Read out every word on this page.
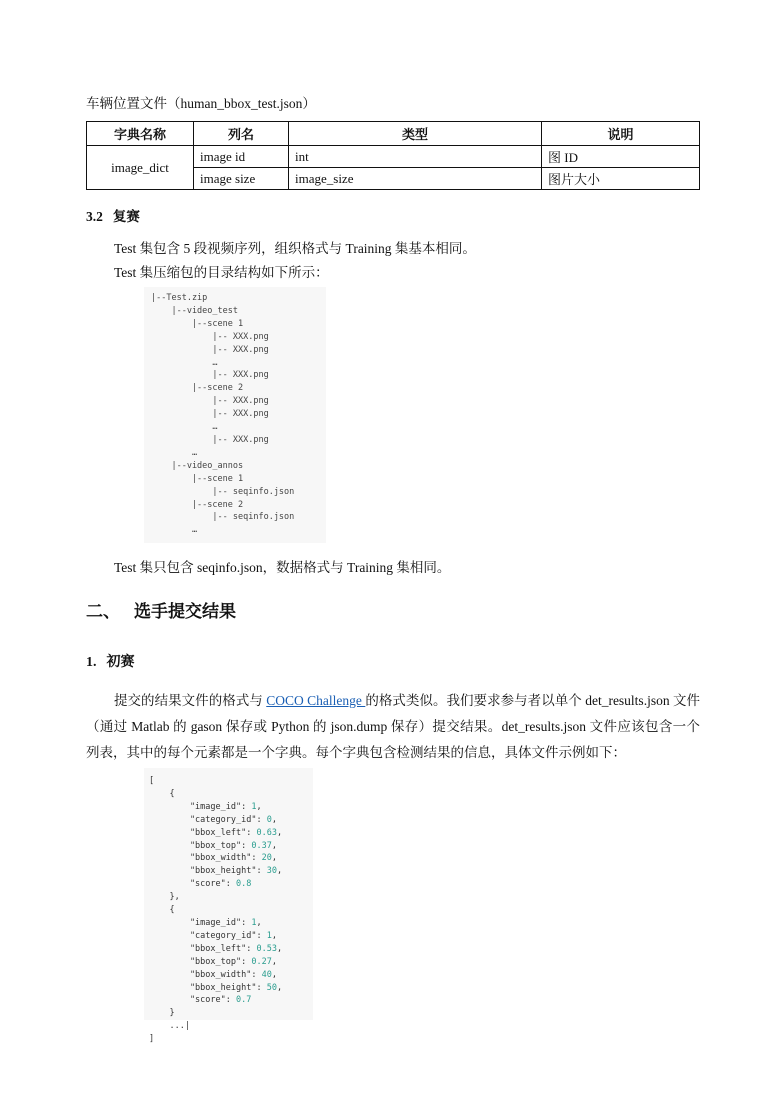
车辆位置文件（human_bbox_test.json）
字典名称	列名	类型	说明
image_dict	image id	int	图 ID
	image size	image_size	图片大小
3.2 复赛
Test 集包含 5 段视频序列，组织格式与 Training 集基本相同。
Test 集压缩包的目录结构如下所示：
|--Test.zip
|--video_test
|--scene 1
|-- XXX.png
|-- XXX.png
…
|-- XXX.png
|--scene 2
|-- XXX.png
|-- XXX.png
…
|-- XXX.png
…
|--video_annos
|--scene 1
|-- seqinfo.json
|--scene 2
|-- seqinfo.json
…
Test 集只包含 seqinfo.json，数据格式与 Training 集相同。
二、 选手提交结果
1. 初赛
提交的结果文件的格式与 COCO Challenge 的格式类似。我们要求参与者以单个 det_results.json 文件（通过 Matlab 的 gason 保存或 Python 的 json.dump 保存）提交结果。det_results.json 文件应该包含一个列表，其中的每个元素都是一个字典。每个字典包含检测结果的信息，具体文件示例如下：
[
{
"image_id": 1,
"category_id": 0,
"bbox_left": 0.63,
"bbox_top": 0.37,
"bbox_width": 20,
"bbox_height": 30,
"score": 0.8
},
{
"image_id": 1,
"category_id": 1,
"bbox_left": 0.53,
"bbox_top": 0.27,
"bbox_width": 40,
"bbox_height": 50,
"score": 0.7
}
...|
]
